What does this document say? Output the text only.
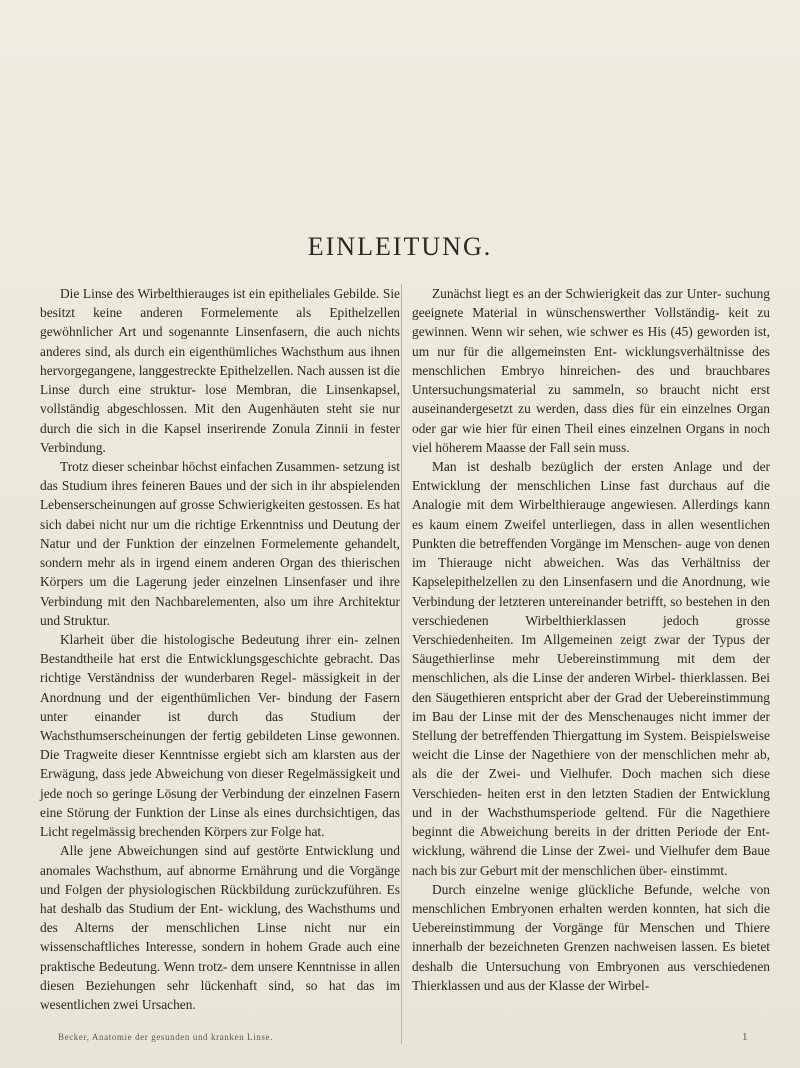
EINLEITUNG.

Die Linse des Wirbelthierauges ist ein epitheliales Gebilde. Sie besitzt keine anderen Formelemente als Epithelzellen gewöhnlicher Art und sogenannte Linsenfasern, die auch nichts anderes sind, als durch ein eigenthümliches Wachsthum aus ihnen hervorgegangene, langgestreckte Epithelzellen. Nach aussen ist die Linse durch eine struktur- lose Membran, die Linsenkapsel, vollständig abgeschlossen. Mit den Augenhäuten steht sie nur durch die sich in die Kapsel inserirende Zonula Zinnii in fester Verbindung.

Trotz dieser scheinbar höchst einfachen Zusammen- setzung ist das Studium ihres feineren Baues und der sich in ihr abspielenden Lebenserscheinungen auf grosse Schwierigkeiten gestossen. Es hat sich dabei nicht nur um die richtige Erkenntniss und Deutung der Natur und der Funktion der einzelnen Formelemente gehandelt, sondern mehr als in irgend einem anderen Organ des thierischen Körpers um die Lagerung jeder einzelnen Linsenfaser und ihre Verbindung mit den Nachbarelementen, also um ihre Architektur und Struktur.

Klarheit über die histologische Bedeutung ihrer ein- zelnen Bestandtheile hat erst die Entwicklungsgeschichte gebracht. Das richtige Verständniss der wunderbaren Regel- mässigkeit in der Anordnung und der eigenthümlichen Ver- bindung der Fasern unter einander ist durch das Studium der Wachsthumserscheinungen der fertig gebildeten Linse gewonnen. Die Tragweite dieser Kenntnisse ergiebt sich am klarsten aus der Erwägung, dass jede Abweichung von dieser Regelmässigkeit und jede noch so geringe Lösung der Verbindung der einzelnen Fasern eine Störung der Funktion der Linse als eines durchsichtigen, das Licht regelmässig brechenden Körpers zur Folge hat.

Alle jene Abweichungen sind auf gestörte Entwicklung und anomales Wachsthum, auf abnorme Ernährung und die Vorgänge und Folgen der physiologischen Rückbildung zurückzuführen. Es hat deshalb das Studium der Ent- wicklung, des Wachsthums und des Alterns der menschlichen Linse nicht nur ein wissenschaftliches Interesse, sondern in hohem Grade auch eine praktische Bedeutung. Wenn trotz- dem unsere Kenntnisse in allen diesen Beziehungen sehr lückenhaft sind, so hat das im wesentlichen zwei Ursachen.

Zunächst liegt es an der Schwierigkeit das zur Unter- suchung geeignete Material in wünschenswerther Vollständig- keit zu gewinnen. Wenn wir sehen, wie schwer es His (45) geworden ist, um nur für die allgemeinsten Ent- wicklungsverhältnisse des menschlichen Embryo hinreichen- des und brauchbares Untersuchungsmaterial zu sammeln, so braucht nicht erst auseinandergesetzt zu werden, dass dies für ein einzelnes Organ oder gar wie hier für einen Theil eines einzelnen Organs in noch viel höherem Maasse der Fall sein muss.

Man ist deshalb bezüglich der ersten Anlage und der Entwicklung der menschlichen Linse fast durchaus auf die Analogie mit dem Wirbelthierauge angewiesen. Allerdings kann es kaum einem Zweifel unterliegen, dass in allen wesentlichen Punkten die betreffenden Vorgänge im Menschen- auge von denen im Thierauge nicht abweichen. Was das Verhältniss der Kapselepithelzellen zu den Linsenfasern und die Anordnung, wie Verbindung der letzteren untereinander betrifft, so bestehen in den verschiedenen Wirbelthierklassen jedoch grosse Verschiedenheiten. Im Allgemeinen zeigt zwar der Typus der Säugethierlinse mehr Uebereinstimmung mit dem der menschlichen, als die Linse der anderen Wirbel- thierklassen. Bei den Säugethieren entspricht aber der Grad der Uebereinstimmung im Bau der Linse mit der des Menschenauges nicht immer der Stellung der betreffenden Thiergattung im System. Beispielsweise weicht die Linse der Nagethiere von der menschlichen mehr ab, als die der Zwei- und Vielhufer. Doch machen sich diese Verschieden- heiten erst in den letzten Stadien der Entwicklung und in der Wachsthumsperiode geltend. Für die Nagethiere beginnt die Abweichung bereits in der dritten Periode der Ent- wicklung, während die Linse der Zwei- und Vielhufer dem Baue nach bis zur Geburt mit der menschlichen über- einstimmt.

Durch einzelne wenige glückliche Befunde, welche von menschlichen Embryonen erhalten werden konnten, hat sich die Uebereinstimmung der Vorgänge für Menschen und Thiere innerhalb der bezeichneten Grenzen nachweisen lassen. Es bietet deshalb die Untersuchung von Embryonen aus verschiedenen Thierklassen und aus der Klasse der Wirbel-

Becker, Anatomie der gesunden und kranken Linse.	1
